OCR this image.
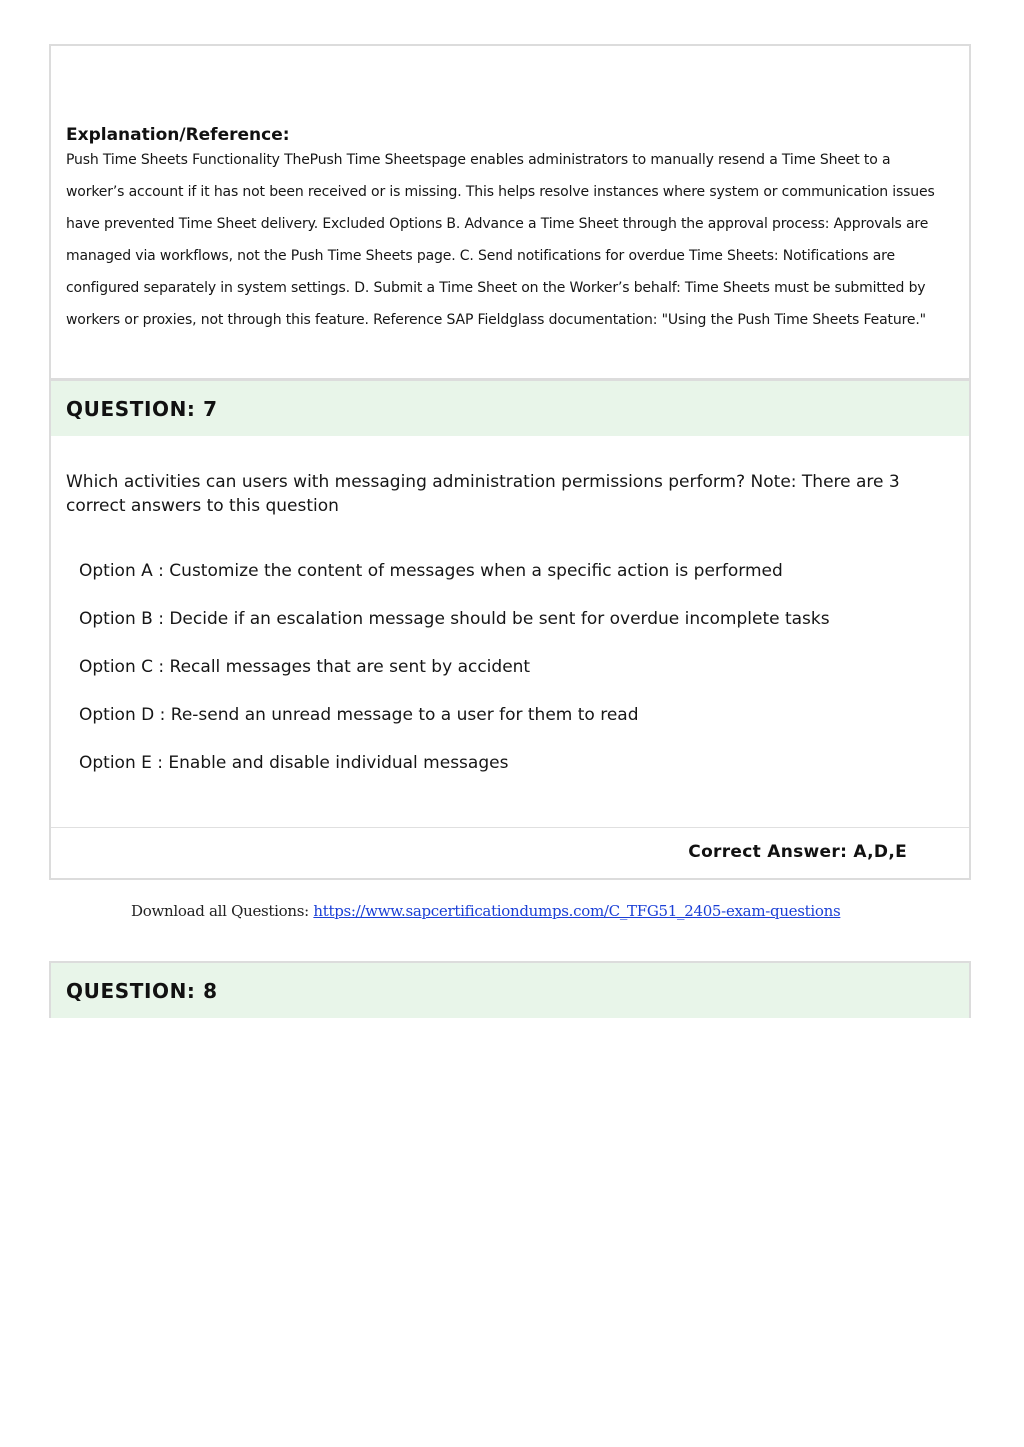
Explanation/Reference:

Push Time Sheets Functionality ThePush Time Sheetspage enables administrators to manually resend a Time Sheet to a worker’s account if it has not been received or is missing. This helps resolve instances where system or communication issues have prevented Time Sheet delivery. Excluded Options B. Advance a Time Sheet through the approval process: Approvals are managed via workflows, not the Push Time Sheets page. C. Send notifications for overdue Time Sheets: Notifications are configured separately in system settings. D. Submit a Time Sheet on the Worker’s behalf: Time Sheets must be submitted by workers or proxies, not through this feature. Reference SAP Fieldglass documentation: "Using the Push Time Sheets Feature."

QUESTION: 7

Which activities can users with messaging administration permissions perform? Note: There are 3 correct answers to this question

Option A : Customize the content of messages when a specific action is performed
Option B : Decide if an escalation message should be sent for overdue incomplete tasks
Option C : Recall messages that are sent by accident
Option D : Re-send an unread message to a user for them to read
Option E : Enable and disable individual messages
Correct Answer: A,D,E
Download all Questions: https://www.sapcertificationdumps.com/C_TFG51_2405-exam-questions
QUESTION: 8
